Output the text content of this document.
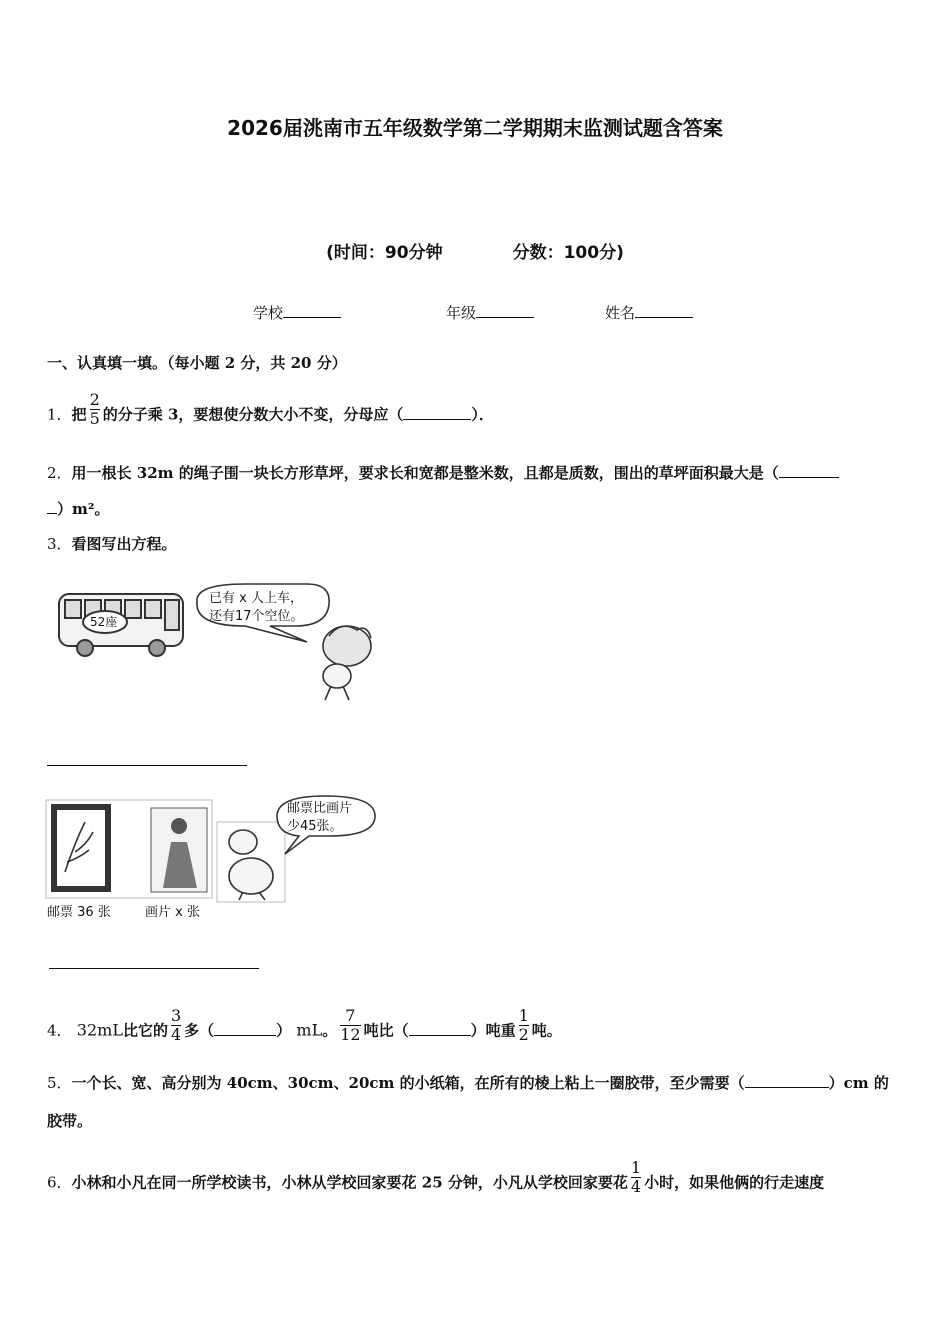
2026届洮南市五年级数学第二学期期末监测试题含答案
(时间：90分钟	分数：100分)
学校	年级	姓名
一、认真填一填。（每小题 2 分，共 20 分）
1．把 $\frac{2}{5}$ 的分子乘 3，要想使分数大小不变，分母应（	）．
2．用一根长 32m 的绳子围一块长方形草坪，要求长和宽都是整米数，且都是质数，围出的草坪面积最大是（
）m²。
3．看图写出方程。
52座
已有 x 人上车，
还有17个空位。
邮票比画片
少45张。
邮票 36 张	画片 x 张
4． 32mL比它的 $\frac{3}{4}$ 多（	） mL。 $\frac{7}{12}$ 吨比（	）吨重 $\frac{1}{2}$ 吨。
5．一个长、宽、高分别为 40cm、30cm、20cm 的小纸箱，在所有的棱上粘上一圈胶带，至少需要（	）cm 的
胶带。
6．小林和小凡在同一所学校读书，小林从学校回家要花 25 分钟，小凡从学校回家要花 $\frac{1}{4}$ 小时，如果他俩的行走速度
